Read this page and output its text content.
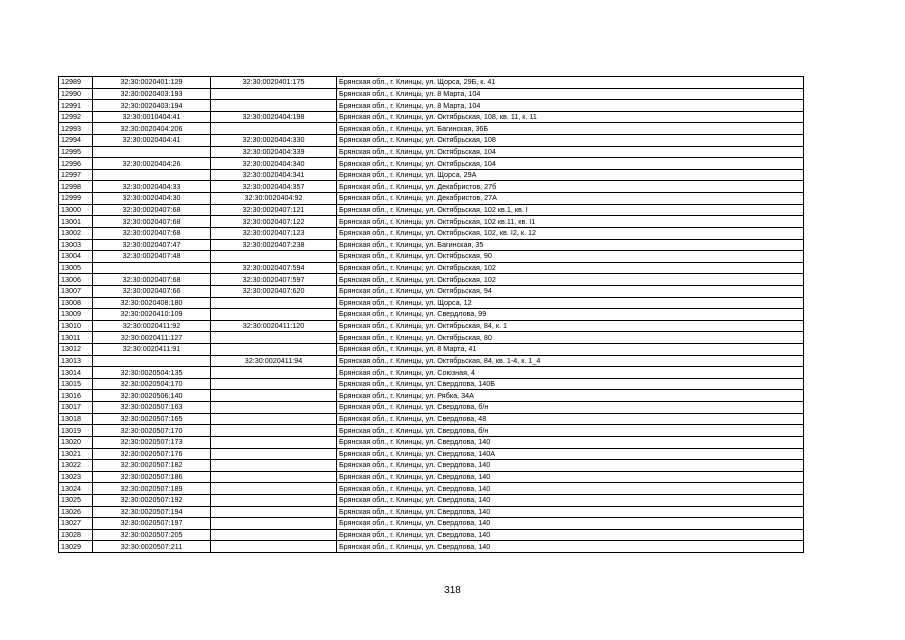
12989	32:30:0020401:129	32:30:0020401:175	Брянская обл., г. Клинцы, ул. Щорса, 29Б, к. 41
12990	32:30:0020403:193		Брянская обл., г. Клинцы, ул. 8 Марта, 104
12991	32:30:0020403:194		Брянская обл., г. Клинцы, ул. 8 Марта, 104
12992	32:30:0010404:41	32:30:0020404:198	Брянская обл., г. Клинцы, ул. Октябрьская, 108, кв. 11, к. 11
12993	32:30:0020404:206		Брянская обл., г. Клинцы, ул. Багинская, 36Б
12994	32:30:0020404:41	32:30:0020404:330	Брянская обл., г. Клинцы, ул. Октябрьская, 108
12995		32:30:0020404:339	Брянская обл., г. Клинцы, ул. Октябрьская, 104
12996	32:30:0020404:26	32:30:0020404:340	Брянская обл., г. Клинцы, ул. Октябрьская, 104
12997		32:30:0020404:341	Брянская обл., г. Клинцы, ул. Щорса, 29А
12998	32:30:0020404:33	32:30:0020404:357	Брянская обл., г. Клинцы, ул. Декабристов, 27б
12999	32:30:0020404:30	32:30:0020404:92	Брянская обл., г. Клинцы, ул. Декабристов, 27А
13000	32:30:0020407:68	32:30:0020407:121	Брянская обл., г. Клинцы, ул. Октябрьская, 102 кв.1, кв. I
13001	32:30:0020407:68	32:30:0020407:122	Брянская обл., г. Клинцы, ул. Октябрьская, 102 кв.11, кв. I1
13002	32:30:0020407:68	32:30:0020407:123	Брянская обл., г. Клинцы, ул. Октябрьская, 102, кв. I2, к. 12
13003	32:30:0020407:47	32:30:0020407:238	Брянская обл., г. Клинцы, ул. Багинская, 35
13004	32:30:0020407:48		Брянская обл., г. Клинцы, ул. Октябрьская, 90
13005		32:30:0020407:594	Брянская обл., г. Клинцы, ул. Октябрьская, 102
13006	32:30:0020407:68	32:30:0020407:597	Брянская обл., г. Клинцы, ул. Октябрьская, 102
13007	32:30:0020407:66	32:30:0020407:620	Брянская обл., г. Клинцы, ул. Октябрьская, 94
13008	32:30:0020408:180		Брянская обл., г. Клинцы, ул. Щорса, 12
13009	32:30:0020410:109		Брянская обл., г. Клинцы, ул. Свердлова, 99
13010	32:30:0020411:92	32:30:0020411:120	Брянская обл., г. Клинцы, ул. Октябрьская, 84, к. 1
13011	32:30:0020411:127		Брянская обл., г. Клинцы, ул. Октябрьская, 80
13012	32:30:0020411:91		Брянская обл., г. Клинцы, ул. 8 Марта, 41
13013		32:30:0020411:94	Брянская обл., г. Клинцы, ул. Октябрьская, 84, кв. 1-4, к. 1_4
13014	32:30:0020504:135		Брянская обл., г. Клинцы, ул. Союзная, 4
13015	32:30:0020504:170		Брянская обл., г. Клинцы, ул. Свердлова, 140Б
13016	32:30:0020506:140		Брянская обл., г. Клинцы, ул. Рябка, 34А
13017	32:30:0020507:163		Брянская обл., г. Клинцы, ул. Свердлова, б/н
13018	32:30:0020507:165		Брянская обл., г. Клинцы, ул. Свердлова, 48
13019	32:30:0020507:170		Брянская обл., г. Клинцы, ул. Свердлова, б/н
13020	32:30:0020507:173		Брянская обл., г. Клинцы, ул. Свердлова, 140
13021	32:30:0020507:176		Брянская обл., г. Клинцы, ул. Свердлова, 140А
13022	32:30:0020507:182		Брянская обл., г. Клинцы, ул. Свердлова, 140
13023	32:30:0020507:186		Брянская обл., г. Клинцы, ул. Свердлова, 140
13024	32:30:0020507:189		Брянская обл., г. Клинцы, ул. Свердлова, 140
13025	32:30:0020507:192		Брянская обл., г. Клинцы, ул. Свердлова, 140
13026	32:30:0020507:194		Брянская обл., г. Клинцы, ул. Свердлова, 140
13027	32:30:0020507:197		Брянская обл., г. Клинцы, ул. Свердлова, 140
13028	32:30:0020507:205		Брянская обл., г. Клинцы, ул. Свердлова, 140
13029	32:30:0020507:211		Брянская обл., г. Клинцы, ул. Свердлова, 140
318
